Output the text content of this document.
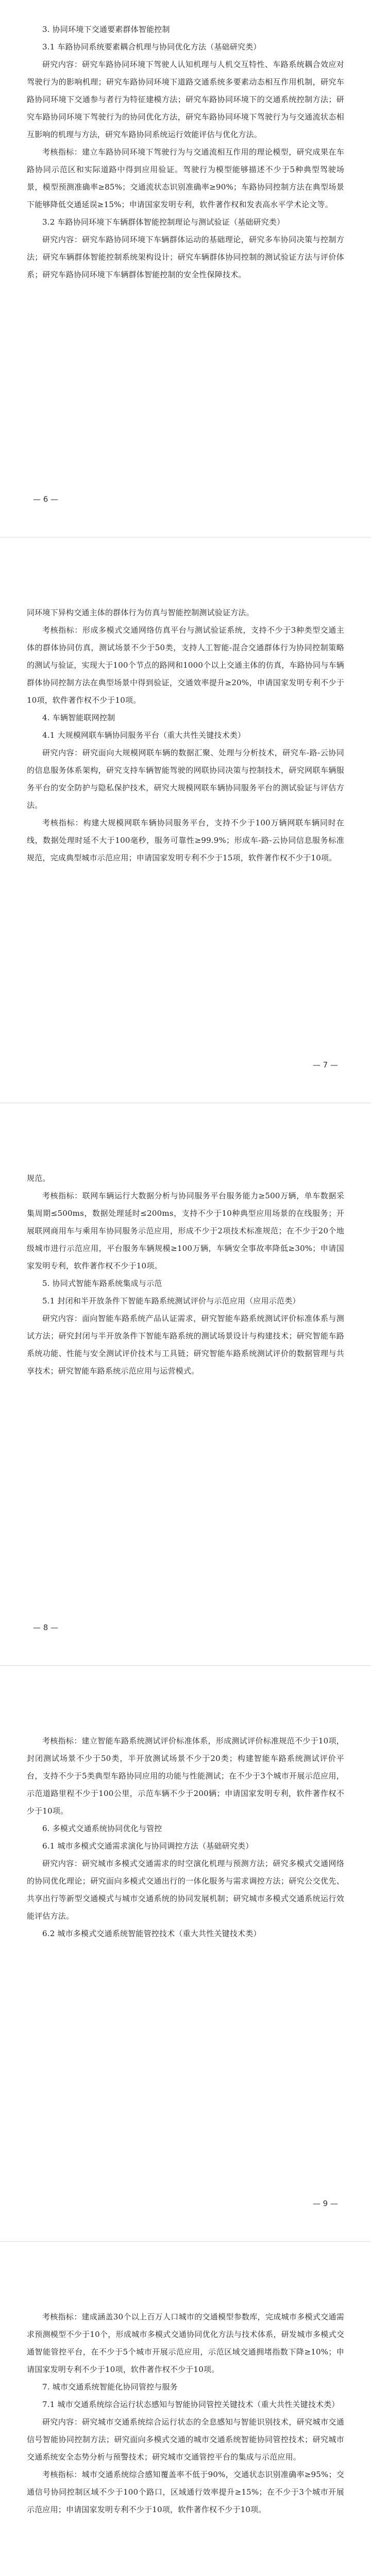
3. 协同环境下交通要素群体智能控制

3.1 车路协同系统要素耦合机理与协同优化方法（基础研究类）

研究内容：研究车路协同环境下驾驶人认知机理与人机交互特性、车路系统耦合效应对驾驶行为的影响机理；研究车路协同环境下道路交通系统多要素动态相互作用机制，研究车路协同环境下交通参与者行为特征建模方法；研究车路协同环境下的交通系统控制方法；研究车路协同环境下驾驶行为的协同优化方法，研究车路协同环境下驾驶行为与交通流状态相互影响的机理与方法，研究车路协同系统运行效能评估与优化方法。

考核指标：建立车路协同环境下驾驶行为与交通流相互作用的理论模型，研究成果在车路协同示范区和实际道路中得到应用验证。驾驶行为模型能够描述不少于5种典型驾驶场景，模型预测准确率≥85%；交通流状态识别准确率≥90%；车路协同控制方法在典型场景下能够降低交通延误≥15%；申请国家发明专利，软件著作权和发表高水平学术论文等。

3.2 车路协同环境下车辆群体智能控制理论与测试验证（基础研究类）

研究内容：研究车路协同环境下车辆群体运动的基础理论，研究多车协同决策与控制方法；研究车辆群体智能控制系统架构设计；研究车辆群体协同控制的测试验证方法与评价体系；研究车路协同环境下车辆群体智能控制的安全性保障技术。

— 6 —

同环境下异构交通主体的群体行为仿真与智能控制测试验证方法。

考核指标：形成多模式交通网络仿真平台与测试验证系统，支持不少于3种类型交通主体的群体协同仿真，测试场景不少于50类，支持人工智能-混合交通群体行为协同控制策略的测试与验证，实现大于100个节点的路网和1000个以上交通主体的仿真，车路协同与车辆群体协同控制方法在典型场景中得到验证，交通效率提升≥20%，申请国家发明专利不少于10项，软件著作权不少于10项。

4. 车辆智能联网控制

4.1 大规模网联车辆协同服务平台（重大共性关键技术类）

研究内容：研究面向大规模网联车辆的数据汇聚、处理与分析技术，研究车-路-云协同的信息服务体系架构，研究支持车辆智能驾驶的网联协同决策与控制技术，研究网联车辆服务平台的安全防护与隐私保护技术，研究大规模网联车辆协同服务平台的测试验证与评估方法。

考核指标：构建大规模网联车辆协同服务平台，支持不少于100万辆网联车辆同时在线，数据处理时延不大于100毫秒，服务可靠性≥99.9%；形成车-路-云协同信息服务标准规范，完成典型城市示范应用；申请国家发明专利不少于15项，软件著作权不少于10项。

— 7 —

规范。

考核指标：联网车辆运行大数据分析与协同服务平台服务能力≥500万辆，单车数据采集周期≤500ms，数据处理延时≤200ms，支持不少于10种典型应用场景的在线服务；开展联网商用车与乘用车协同服务示范应用，形成不少于2项技术标准规范；在不少于20个地级城市进行示范应用，平台服务车辆规模≥100万辆，车辆安全事故率降低≥30%；申请国家发明专利，软件著作权不少于10项。

5. 协同式智能车路系统集成与示范

5.1 封闭和半开放条件下智能车路系统测试评价与示范应用（应用示范类）

研究内容：面向智能车路系统产品认证需求，研究智能车路系统测试评价标准体系与测试方法；研究封闭与半开放条件下智能车路系统的测试场景设计与构建技术；研究智能车路系统功能、性能与安全测试评价技术与工具链；研究智能车路系统测试评价的数据管理与共享技术；研究智能车路系统示范应用与运营模式。

— 8 —

考核指标：建立智能车路系统测试评价标准体系，形成测试评价标准规范不少于10项，封闭测试场景不少于50类，半开放测试场景不少于20类；构建智能车路系统测试评价平台，支持不少于5类典型车路协同应用的功能与性能测试；在不少于3个城市开展示范应用，示范道路里程不少于100公里，示范车辆不少于200辆；申请国家发明专利，软件著作权不少于10项。

6. 多模式交通系统协同优化与管控

6.1 城市多模式交通需求演化与协同调控方法（基础研究类）

研究内容：研究城市多模式交通需求的时空演化机理与预测方法；研究多模式交通网络的协同优化理论；研究面向多模式交通出行的一体化服务与需求调控方法；研究公交优先、共享出行等新型交通模式与城市交通系统的协同发展机制；研究城市多模式交通系统运行效能评估方法。

6.2 城市多模式交通系统智能管控技术（重大共性关键技术类）

— 9 —

考核指标：建成涵盖30个以上百万人口城市的交通模型参数库，完成城市多模式交通需求预测模型不少于10个，形成城市多模式交通协同优化方法与技术体系，研发城市多模式交通智能管控平台，在不少于5个城市开展示范应用，示范区域交通拥堵指数下降≥10%；申请国家发明专利不少于10项，软件著作权不少于10项。

7. 城市交通系统智能化协同管控与服务

7.1 城市交通系统综合运行状态感知与智能协同管控关键技术（重大共性关键技术类）

研究内容：研究城市交通系统综合运行状态的全息感知与智能识别技术，研究城市交通信号智能协同控制方法；研究面向多模式交通的城市交通系统智能协同管控技术；研究城市交通系统安全态势分析与预警技术；研究城市交通管控平台的集成与示范应用。

考核指标：城市交通系统综合感知覆盖率不低于90%，交通状态识别准确率≥95%；交通信号协同控制区域不少于100个路口，区域通行效率提升≥15%；在不少于3个城市开展示范应用；申请国家发明专利不少于10项，软件著作权不少于10项。
